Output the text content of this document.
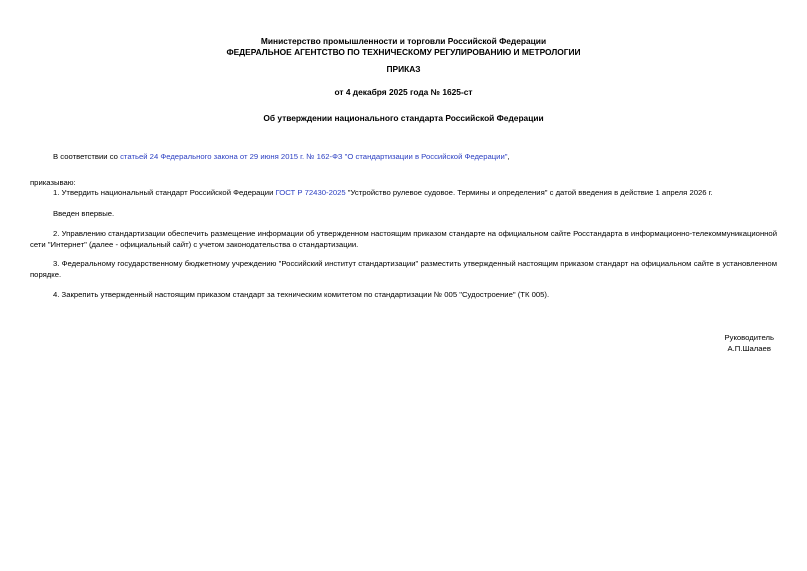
Министерство промышленности и торговли Российской Федерации
ФЕДЕРАЛЬНОЕ АГЕНТСТВО ПО ТЕХНИЧЕСКОМУ РЕГУЛИРОВАНИЮ И МЕТРОЛОГИИ
ПРИКАЗ
от 4 декабря 2025 года № 1625-ст
Об утверждении национального стандарта Российской Федерации

В соответствии со статьей 24 Федерального закона от 29 июня 2015 г. № 162-ФЗ "О стандартизации в Российской Федерации",

приказываю:

1. Утвердить национальный стандарт Российской Федерации ГОСТ Р 72430-2025 "Устройство рулевое судовое. Термины и определения" с датой введения в действие 1 апреля 2026 г.

Введен впервые.

2. Управлению стандартизации обеспечить размещение информации об утвержденном настоящим приказом стандарте на официальном сайте Росстандарта в информационно-телекоммуникационной сети "Интернет" (далее - официальный сайт) с учетом законодательства о стандартизации.

3. Федеральному государственному бюджетному учреждению "Российский институт стандартизации" разместить утвержденный настоящим приказом стандарт на официальном сайте в установленном порядке.

4. Закрепить утвержденный настоящим приказом стандарт за техническим комитетом по стандартизации № 005 "Судостроение" (ТК 005).

Руководитель
А.П.Шалаев
